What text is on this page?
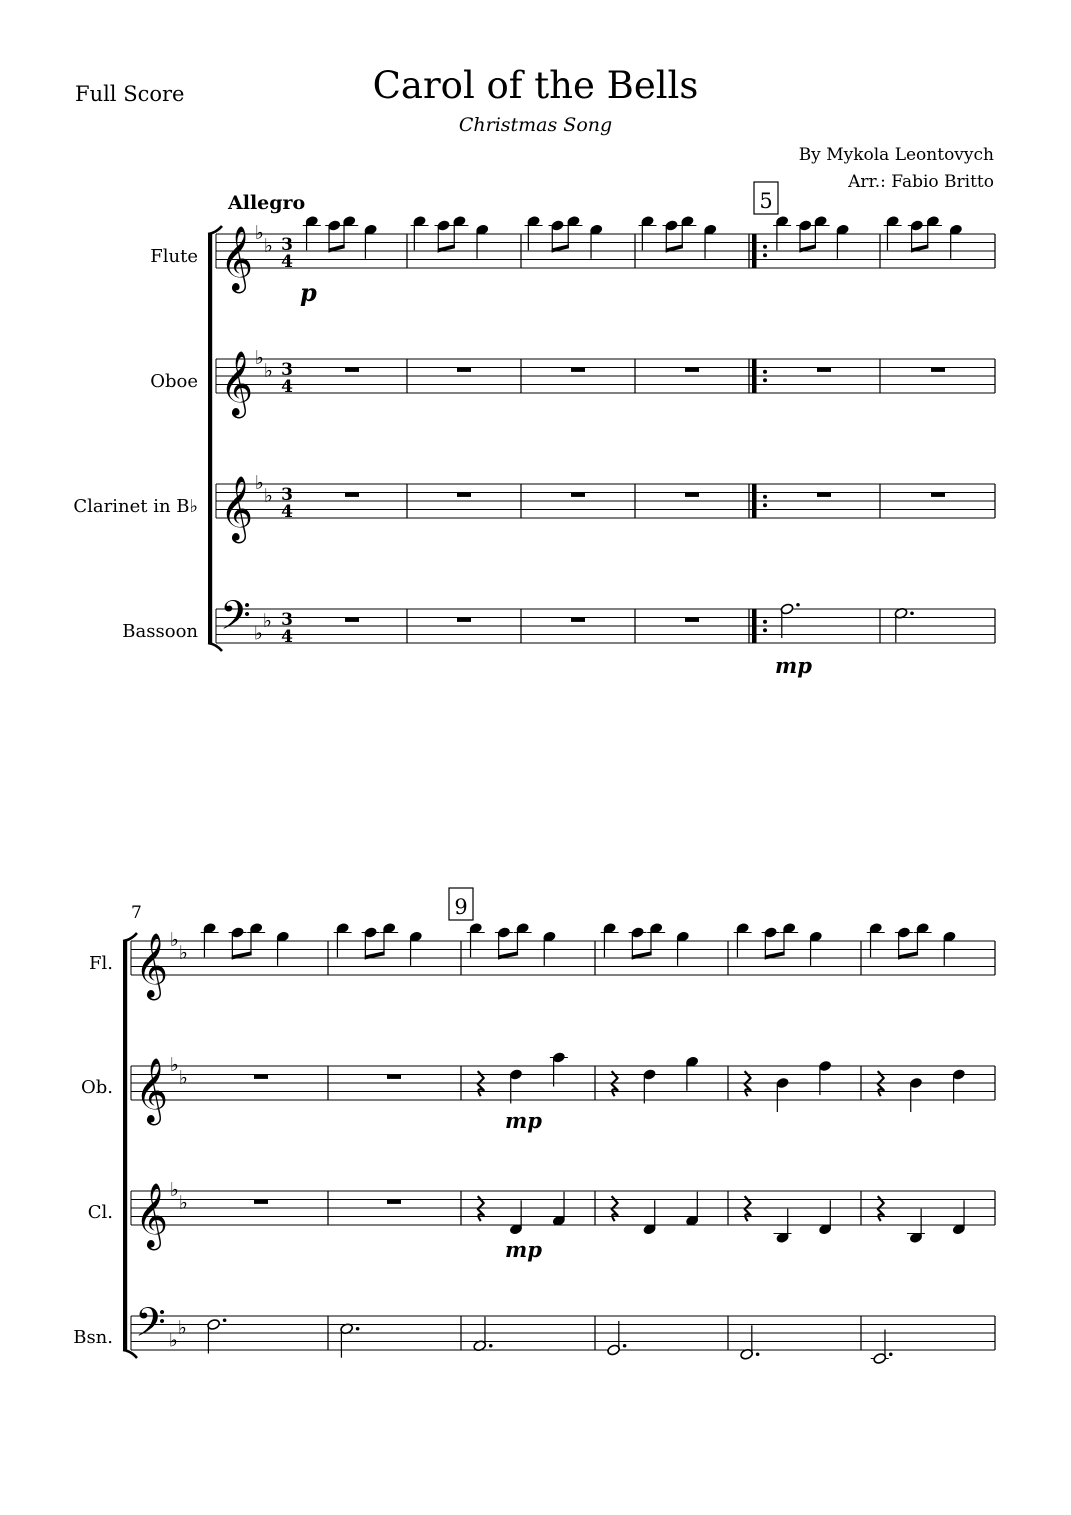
Full Score	Carol of the Bells
Christmas Song
By Mykola Leontovych
Arr.: Fabio Britto
𝄞 ♭
♭ 3
4
𝄞 ♭
♭ 3
4
𝄞 ♭
♭ 3
4
𝄢 ♭
♭ 3
4
𝄞 ♭
♭
𝄞 ♭
♭
𝄞 ♭
♭
𝄢 ♭
♭
Allegro	5
Flute
Oboe
Clarinet in B♭
Bassoon
p
mp
7	9
Fl.
Ob.
Cl.
Bsn.
mp
mp
